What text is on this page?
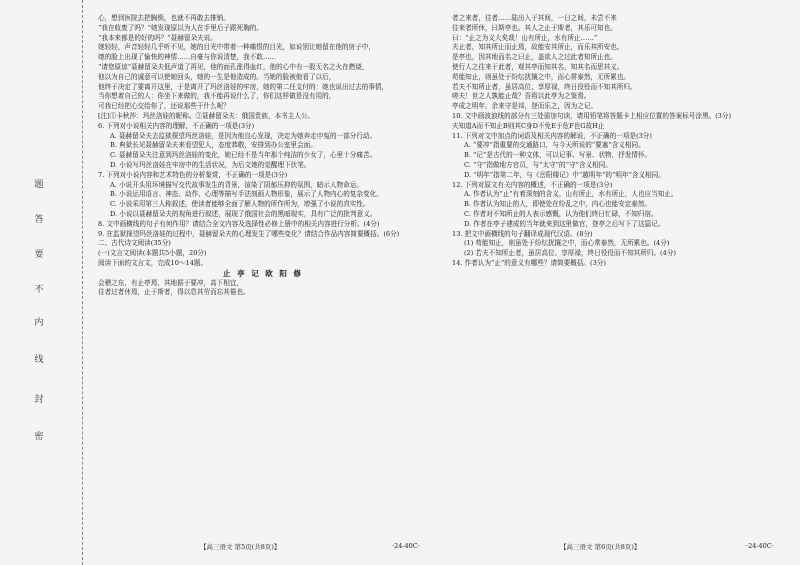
题
答
要
不
内
线
封
密

心，想到医院去把胸锁，也就不再敢去推销。

“我在收废了吗？”她发现原以为人在手里后子跟死胸的。

“我本来都是的好的吗？”聂赫留朵夫说。

她轻轻，声音轻轻几乎听不见，她的目光中带着一种痛恨的目光，如说别让她留在他的房子中，

她的脸上出现了愉快的神情……自豪与你说清楚，我不敢……

“请您原谅”聂赫留朵夫低声道了再见，他的面孔涨得血红，他的心中有一股无名之火在燃烧，

他以为自己的诚意可以使她回头，她的一生是他造成的。当她的脸被他看了以后，

他终于决定了要离开这里，于是离开了玛丝洛娃的牢房，她的第二任支付的：她也说出过去的事情，

当你想着自己的人：你坐下来做的，我不能再说什么了，你们这样做是没有用的，

可我已经把心交给你了，还说那些干什么呢？

[注]①卡秋莎：玛丝洛娃的昵称。②聂赫留朵夫：俄国贵族，本书主人公。

6. 下列对小说相关内容的理解，不正确的一项是(3分)

A. 聂赫留朵夫去监狱探望玛丝洛娃，是因为他良心发现，决定为她奔走申冤的一部分行动。

B. 典狱长见聂赫留朵夫来看望犯人，态度恭敬，安排到办公室里会面。

C. 聂赫留朵夫注意到玛丝洛娃的变化，她已经不是当年那个纯洁的少女了，心里十分痛苦。

D. 小说写玛丝洛娃在牢房中的生活状况，为后文她的觉醒埋下伏笔。

7. 下列对小说内容和艺术特色的分析鉴赏，不正确的一项是(3分)

A. 小说开头用环境描写交代故事发生的背景，渲染了阴郁压抑的氛围，暗示人物命运。

B. 小说运用语言、神态、动作、心理等描写手法刻画人物形象，展示了人物内心的复杂变化。

C. 小说采用第三人称叙述，使读者能够全面了解人物的所作所为，增强了小说的真实性。

D. 小说以聂赫留朵夫的视角进行叙述，展现了俄国社会的黑暗现实，具有广泛的批判意义。

8. 文中画横线的句子有何作用？请结合全文内容及选择性必修上册中的相关内容进行分析。(4分)

9. 在监狱探望玛丝洛娃的过程中，聂赫留朵夫的心理发生了哪些变化？请结合作品内容简要概括。(6分)

二、古代诗文阅读(35分)

(一)文言文阅读(本题共5小题，20分)

阅读下面的文言文，完成10～14题。

止 亭 记 欧 阳 修

会稽之东，有止亭焉，其地据于要冲，高下相宜，

往者过者休焉，止于斯者，得以息其劳而忘其倦也。

者之来者，往者……陆出入于其间，一日之间，未尝不来

往来者所休，曰斯亭也。其人之止于斯者，其乐可知也。

曰：“止之为义大矣哉！山有所止，水有所止……”

夫止者，知其所止而止焉，故能安其所止，而乐其所安也。

是亭也，因其地而名之曰止，盖欲人之过此者知所止也。

使行人之往来于此者，观其亭而知其名，知其名而思其义。

苟能知止，则虽处于纷纭扰攘之中，而心常泰然，无所累也。

若夫不知所止者，虽居高位、享厚禄，终日役役而不知其所归。

嗟夫！世之人孰能止哉？吾将以此亭为之鉴焉。

亭成之明年，余来守是邦，登而乐之，因为之记。

10. 文中画波浪线的部分有三处需加句读，请用铅笔将答题卡上相应位置的答案标号涂黑。(3分)

夫知道A而不知止B则其C身D不免E于危F也G故H止

11. 下列对文中加点的词语及相关内容的解说，不正确的一项是(3分)

A. “要冲”指重要的交通路口，与今天所说的“要塞”含义相同。

B. “记”是古代的一种文体，可以记事、写景、状物，抒发情怀。

C. “守”指做地方官员，与“太守”的“守”含义相同。

D. “明年”指第二年，与《岳阳楼记》中“越明年”的“明年”含义相同。

12. 下列对原文有关内容的概述，不正确的一项是(3分)

A. 作者认为“止”有着深刻的含义，山有所止，水有所止，人也应当知止。

B. 作者认为知止的人，即使处在纷乱之中，内心也能安定泰然。

C. 作者对不知所止的人表示感慨，认为他们终日忙碌，不知归宿。

D. 作者在亭子建成的当年就来到这里做官，登亭之后写下了这篇记。

13. 把文中画横线的句子翻译成现代汉语。(8分)

(1) 苟能知止，则虽处于纷纭扰攘之中，而心常泰然，无所累也。(4分)

(2) 若夫不知所止者，虽居高位、享厚禄，终日役役而不知其所归。(4分)

14. 作者认为“止”的意义有哪些？请简要概括。(3分)

【高三语文 第5页(共8页)】	·24-40C·	【高三语文 第6页(共8页)】	·24-40C·
